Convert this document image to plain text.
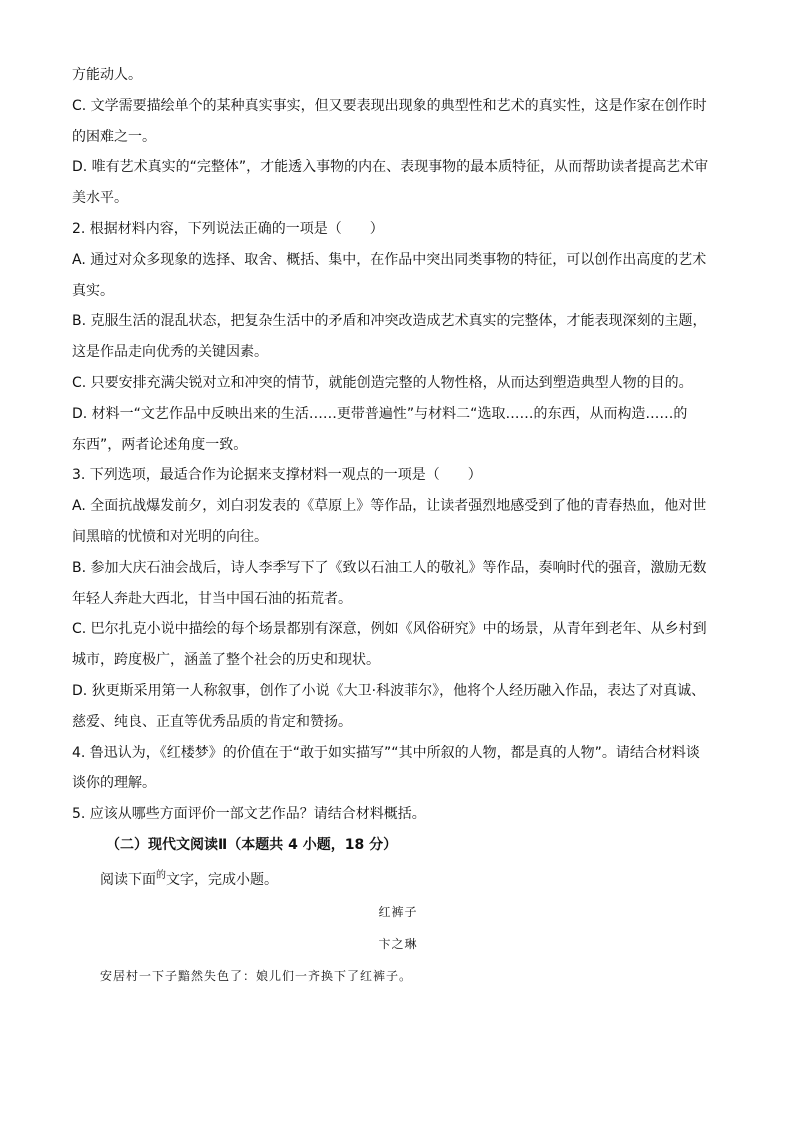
方能动人。
C. 文学需要描绘单个的某种真实事实，但又要表现出现象的典型性和艺术的真实性，这是作家在创作时
的困难之一。
D. 唯有艺术真实的“完整体”，才能透入事物的内在、表现事物的最本质特征，从而帮助读者提高艺术审
美水平。
2. 根据材料内容，下列说法正确的一项是（　　）
A. 通过对众多现象的选择、取舍、概括、集中，在作品中突出同类事物的特征，可以创作出高度的艺术
真实。
B. 克服生活的混乱状态，把复杂生活中的矛盾和冲突改造成艺术真实的完整体，才能表现深刻的主题，
这是作品走向优秀的关键因素。
C. 只要安排充满尖锐对立和冲突的情节，就能创造完整的人物性格，从而达到塑造典型人物的目的。
D. 材料一“文艺作品中反映出来的生活……更带普遍性”与材料二“选取……的东西，从而构造……的
东西”，两者论述角度一致。
3. 下列选项，最适合作为论据来支撑材料一观点的一项是（　　）
A. 全面抗战爆发前夕，刘白羽发表的《草原上》等作品，让读者强烈地感受到了他的青春热血，他对世
间黑暗的忧愤和对光明的向往。
B. 参加大庆石油会战后，诗人李季写下了《致以石油工人的敬礼》等作品，奏响时代的强音，激励无数
年轻人奔赴大西北，甘当中国石油的拓荒者。
C. 巴尔扎克小说中描绘的每个场景都别有深意，例如《风俗研究》中的场景，从青年到老年、从乡村到
城市，跨度极广，涵盖了整个社会的历史和现状。
D. 狄更斯采用第一人称叙事，创作了小说《大卫·科波菲尔》，他将个人经历融入作品，表达了对真诚、
慈爱、纯良、正直等优秀品质的肯定和赞扬。
4. 鲁迅认为，《红楼梦》的价值在于“敢于如实描写”“其中所叙的人物，都是真的人物”。请结合材料谈
谈你的理解。
5. 应该从哪些方面评价一部文艺作品？请结合材料概括。
（二）现代文阅读Ⅱ（本题共 4 小题，18 分）
阅读下面$^的$文字，完成小题。
红裤子
卞之琳
安居村一下子黯然失色了：娘儿们一齐换下了红裤子。
